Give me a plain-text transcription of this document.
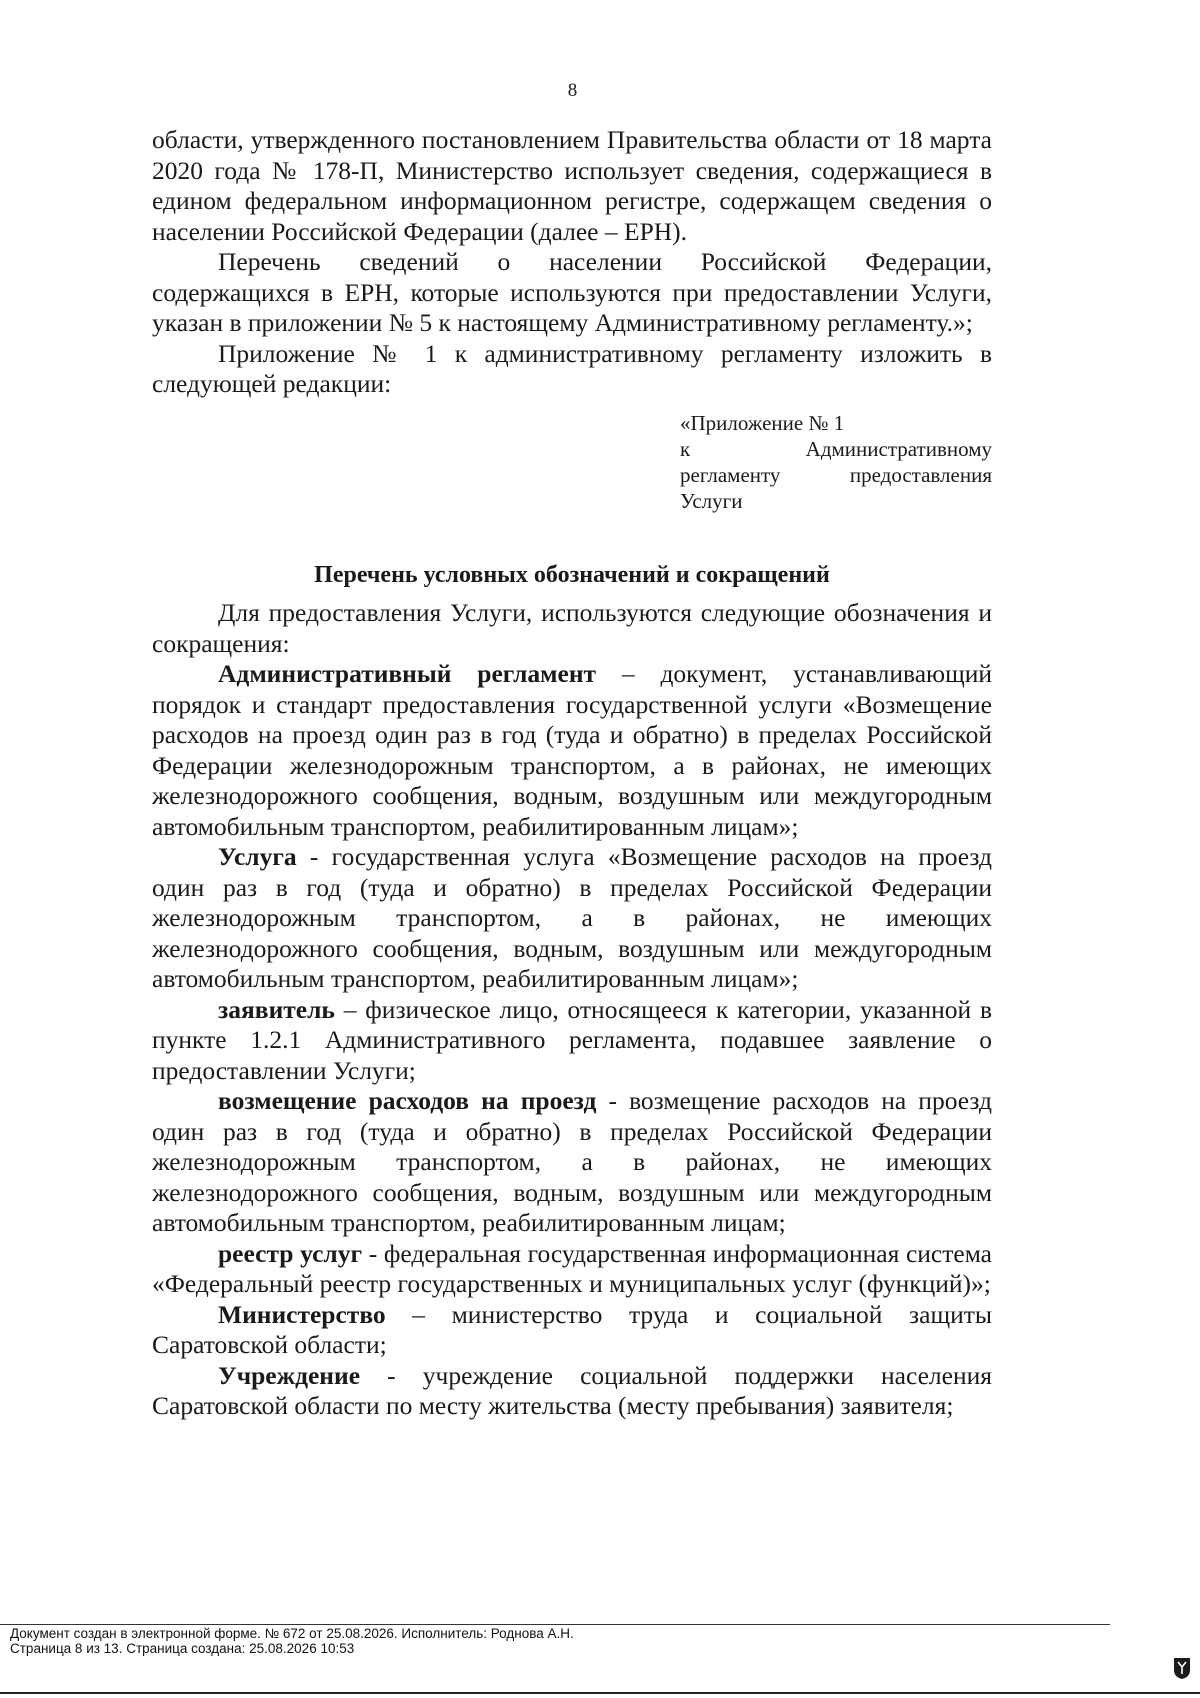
8

области, утвержденного постановлением Правительства области от 18 марта 2020 года № 178-П, Министерство использует сведения, содержащиеся в едином федеральном информационном регистре, содержащем сведения о населении Российской Федерации (далее – ЕРН).

Перечень сведений о населении Российской Федерации, содержащихся в ЕРН, которые используются при предоставлении Услуги, указан в приложении № 5 к настоящему Административному регламенту.»;

Приложение № 1 к административному регламенту изложить в следующей редакции:

«Приложение № 1
к Административному
регламенту предоставления
Услуги
Перечень условных обозначений и сокращений

Для предоставления Услуги, используются следующие обозначения и сокращения:

Административный регламент – документ, устанавливающий порядок и стандарт предоставления государственной услуги «Возмещение расходов на проезд один раз в год (туда и обратно) в пределах Российской Федерации железнодорожным транспортом, а в районах, не имеющих железнодорожного сообщения, водным, воздушным или междугородным автомобильным транспортом, реабилитированным лицам»;

Услуга - государственная услуга «Возмещение расходов на проезд один раз в год (туда и обратно) в пределах Российской Федерации железнодорожным транспортом, а в районах, не имеющих железнодорожного сообщения, водным, воздушным или междугородным автомобильным транспортом, реабилитированным лицам»;

заявитель – физическое лицо, относящееся к категории, указанной в пункте 1.2.1 Административного регламента, подавшее заявление о предоставлении Услуги;

возмещение расходов на проезд - возмещение расходов на проезд один раз в год (туда и обратно) в пределах Российской Федерации железнодорожным транспортом, а в районах, не имеющих железнодорожного сообщения, водным, воздушным или междугородным автомобильным транспортом, реабилитированным лицам;

реестр услуг - федеральная государственная информационная система «Федеральный реестр государственных и муниципальных услуг (функций)»;

Министерство – министерство труда и социальной защиты Саратовской области;

Учреждение - учреждение социальной поддержки населения Саратовской области по месту жительства (месту пребывания) заявителя;

Документ создан в электронной форме. № 672 от 25.08.2026. Исполнитель: Роднова А.Н.
Страница 8 из 13. Страница создана: 25.08.2026 10:53
